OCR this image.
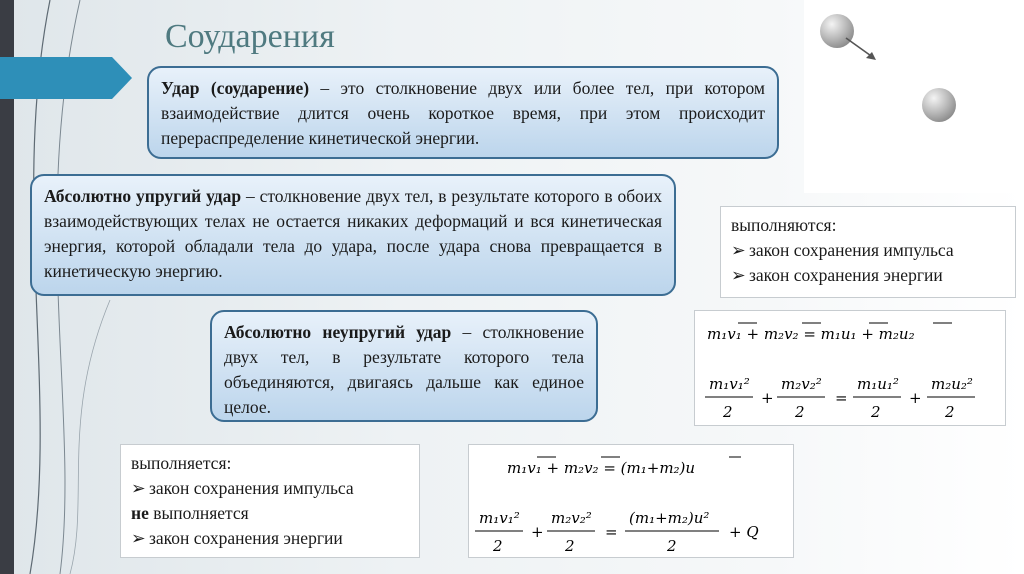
Соударения
Удар (соударение) – это столкновение двух или более тел, при котором взаимодействие длится очень короткое время, при этом происходит перераспределение кинетической энергии.
Абсолютно упругий удар – столкновение двух тел, в результате которого в обоих взаимодействующих телах не остается никаких деформаций и вся кинетическая энергия, которой обладали тела до удара, после удара снова превращается в кинетическую энергию.
Абсолютно неупругий удар – столкновение двух тел, в результате которого тела объединяются, двигаясь дальше как единое целое.
выполняются:
➢ закон сохранения импульса
➢ закон сохранения энергии
выполняется:
➢ закон сохранения импульса
не выполняется
➢ закон сохранения энергии
m₁v₁ + m₂v₂ = m₁u₁ + m₂u₂
m₁v₁²
2
+
m₂v₂²
2
=
m₁u₁²
2
+
m₂u₂²
2
m₁v₁ + m₂v₂ = (m₁+m₂)u
m₁v₁²
2
+
m₂v₂²
2
=
(m₁+m₂)u²
2
+ Q
